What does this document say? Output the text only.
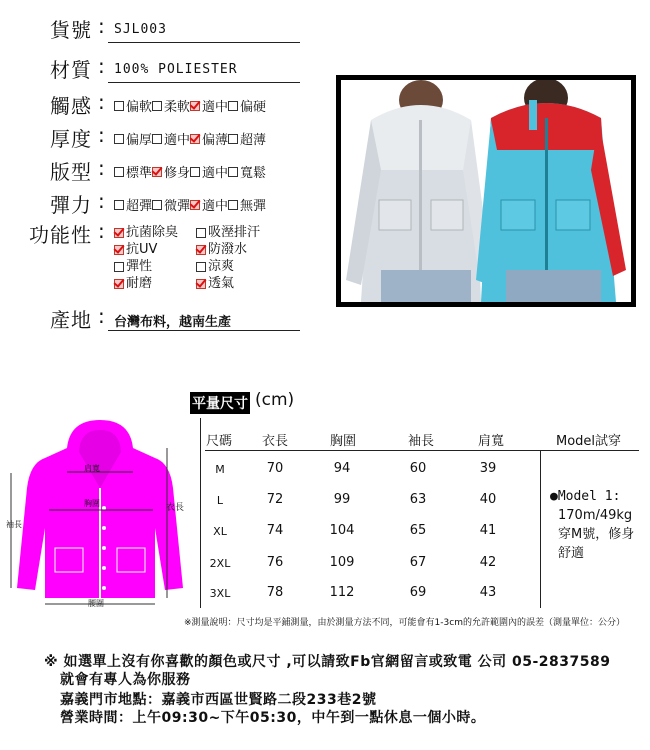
貨號 : SJL003
材質 : 100% POLIESTER
觸感 : 偏軟 柔軟 適中 偏硬
厚度 : 偏厚 適中 偏薄 超薄
版型 : 標準 修身 適中 寬鬆
彈力 : 超彈 微彈 適中 無彈
功能性 : 抗菌除臭 吸溼排汗
抗UV	防潑水
彈性	涼爽
耐磨	透氣
產地 : 台灣布料，越南生產
平量尺寸 (cm)
肩寬
胸圍
袖長
衣長
腰圍
尺碼 衣長	胸圍	袖長	肩寬	Model試穿
M	70	94	60	39
L	72	99	63	40
XL	74	104	65	41
2XL	76	109	67	42
3XL	78	112	69	43
●Model 1:
170m/49kg
穿M號，修身
舒適
※測量說明：尺寸均是平鋪測量，由於測量方法不同，可能會有1-3cm的允許範圍內的誤差（測量單位：公分）
※ 如選單上沒有你喜歡的顏色或尺寸 ,可以請致Fb官網留言或致電 公司 05-2837589
就會有專人為你服務
嘉義門市地點：嘉義市西區世賢路二段233巷2號
營業時間：上午09:30~下午05:30，中午到一點休息一個小時。
